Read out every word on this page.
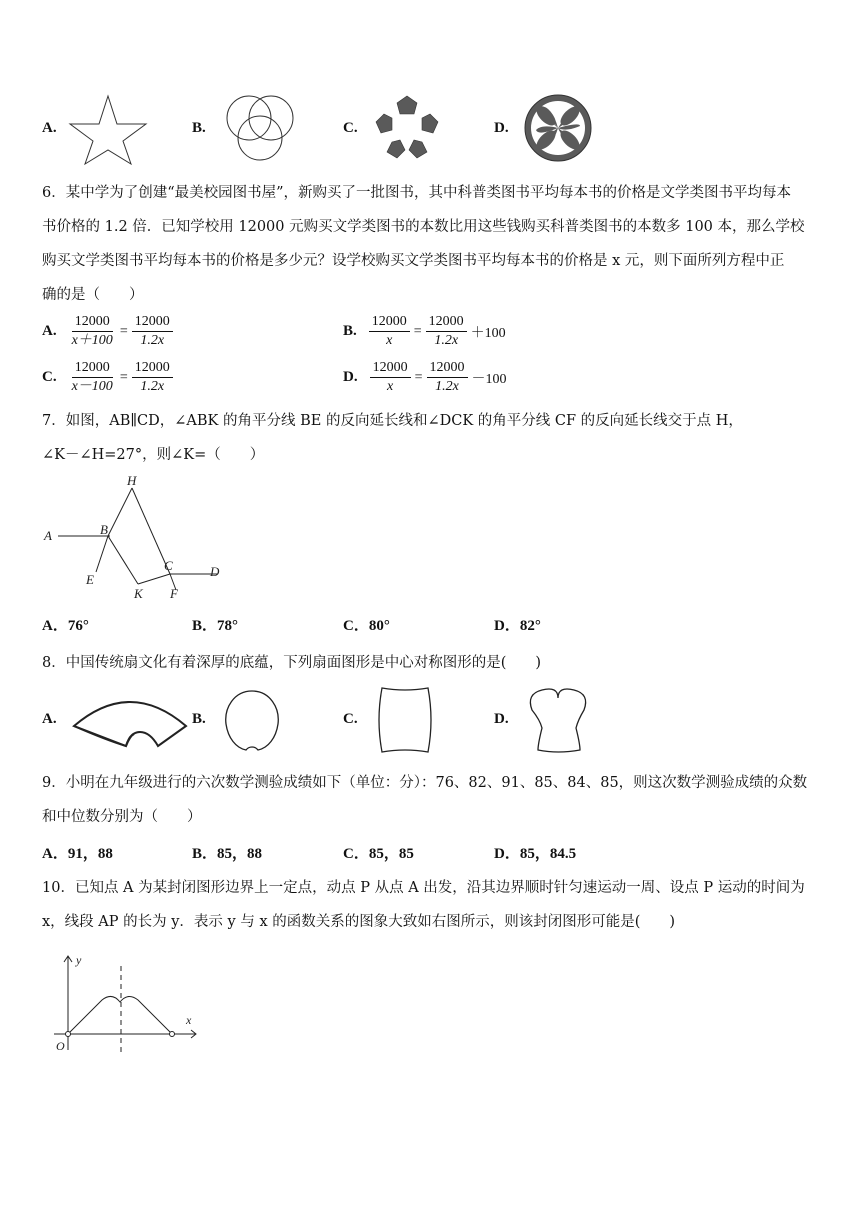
A.	B.	C.	D.
6．某中学为了创建“最美校园图书屋”，新购买了一批图书，其中科普类图书平均每本书的价格是文学类图书平均每本
书价格的 1.2 倍．已知学校用 12000 元购买文学类图书的本数比用这些钱购买科普类图书的本数多 100 本，那么学校
购买文学类图书平均每本书的价格是多少元？设学校购买文学类图书平均每本书的价格是 x 元，则下面所列方程中正
确的是（　　）
A. $\frac{12000}{x+100} = \frac{12000}{1.2x}$	B. $\frac{12000}{x} = \frac{12000}{1.2x} +100$
C. $\frac{12000}{x-100} = \frac{12000}{1.2x}$	D. $\frac{12000}{x} = \frac{12000}{1.2x} -100$
7．如图，AB∥CD，∠ABK 的角平分线 BE 的反向延长线和∠DCK 的角平分线 CF 的反向延长线交于点 H，
∠K－∠H=27°，则∠K=（　　）
H
A	B
C	D
E
K F
A．76°	B．78°	C．80°	D．82°
8．中国传统扇文化有着深厚的底蕴，下列扇面图形是中心对称图形的是(　　)
A.	B.	C.	D.
9．小明在九年级进行的六次数学测验成绩如下（单位：分）：76、82、91、85、84、85，则这次数学测验成绩的众数
和中位数分别为（　　）
A．91，88	B．85，88	C．85，85	D．85，84.5
10．已知点 A 为某封闭图形边界上一定点，动点 P 从点 A 出发，沿其边界顺时针匀速运动一周、设点 P 运动的时间为
x，线段 AP 的长为 y．表示 y 与 x 的函数关系的图象大致如右图所示，则该封闭图形可能是(　　)
y
x
O
